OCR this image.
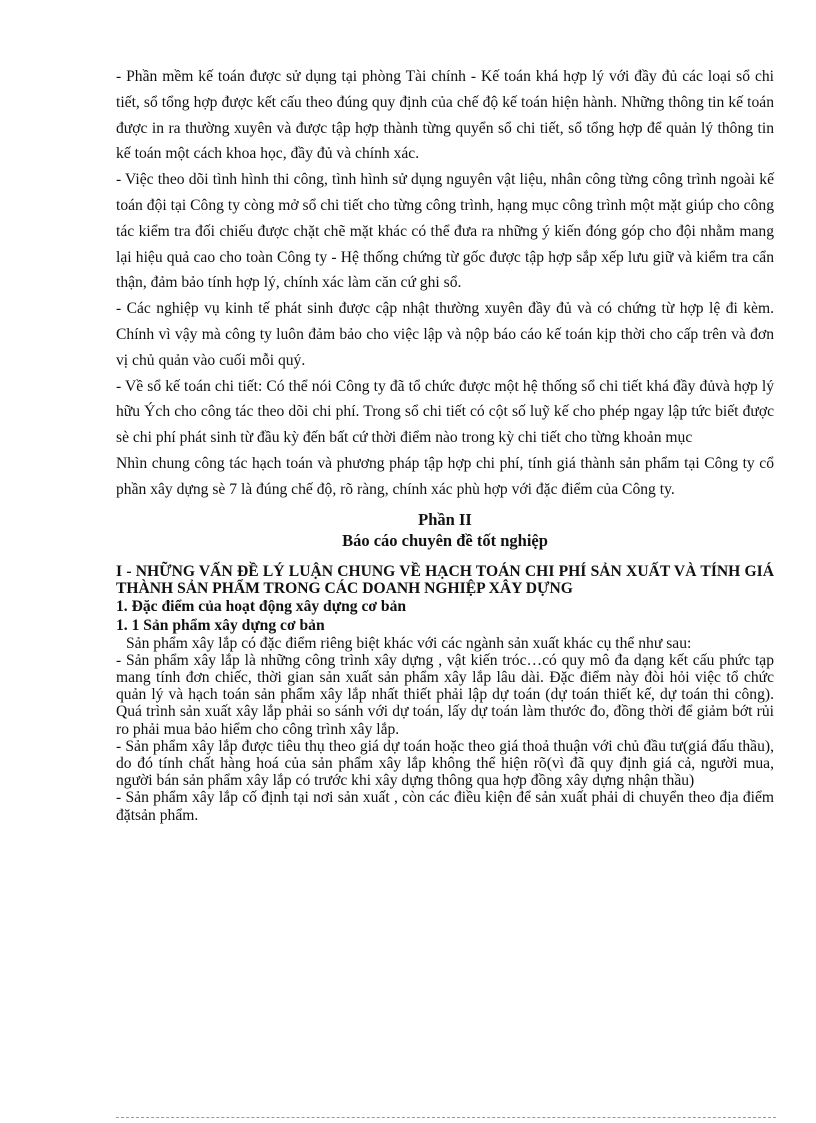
- Phần mềm kế toán được sử dụng tại phòng Tài chính - Kế toán khá hợp lý với đầy đủ các loại sổ chi tiết, sổ tổng hợp được kết cấu theo đúng quy định của chế độ kế toán hiện hành. Những thông tin kế toán được in ra thường xuyên và được tập hợp thành từng quyển sổ chi tiết, sổ tổng hợp để quản lý thông tin kế toán một cách khoa học, đầy đủ và chính xác.

- Việc theo dõi tình hình thi công, tình hình sử dụng nguyên vật liệu, nhân công từng công trình ngoài kế toán đội tại Công ty còng mở sổ chi tiết cho từng công trình, hạng mục công trình một mặt giúp cho công tác kiểm tra đối chiếu được chặt chẽ mặt khác có thể đưa ra những ý kiến đóng góp cho đội nhằm mang lại hiệu quả cao cho toàn Công ty - Hệ thống chứng từ gốc được tập hợp sắp xếp lưu giữ và kiểm tra cẩn thận, đảm bảo tính hợp lý, chính xác làm căn cứ ghi sổ.

- Các nghiệp vụ kinh tế phát sinh được cập nhật thường xuyên đầy đủ và có chứng từ hợp lệ đi kèm. Chính vì vậy mà công ty luôn đảm bảo cho việc lập và nộp báo cáo kế toán kịp thời cho cấp trên và đơn vị chủ quản vào cuối mỗi quý.

- Về sổ kế toán chi tiết: Có thể nói Công ty đã tổ chức được một hệ thống sổ chi tiết khá đầy đủvà hợp lý hữu Ých cho công tác theo dõi chi phí. Trong sổ chi tiết có cột số luỹ kế cho phép ngay lập tức biết được sè chi phí phát sinh từ đầu kỳ đến bất cứ thời điểm nào trong kỳ chi tiết cho từng khoản mục

Nhìn chung công tác hạch toán và phương pháp tập hợp chi phí, tính giá thành sản phẩm tại Công ty cổ phần xây dựng sè 7 là đúng chế độ, rõ ràng, chính xác phù hợp với đặc điểm của Công ty.

Phần II

Báo cáo chuyên đề tốt nghiệp

I - NHỮNG VẤN ĐỀ LÝ LUẬN CHUNG VỀ HẠCH TOÁN CHI PHÍ SẢN XUẤT VÀ TÍNH GIÁ THÀNH SẢN PHẨM TRONG CÁC DOANH NGHIỆP XÂY DỰNG

1. Đặc điểm của hoạt động xây dựng cơ bản

1. 1 Sản phẩm xây dựng cơ bản

Sản phẩm xây lắp có đặc điểm riêng biệt khác với các ngành sản xuất khác cụ thể như sau:

- Sản phẩm xây lắp là những công trình xây dựng , vật kiến tróc…có quy mô đa dạng kết cấu phức tạp mang tính đơn chiếc, thời gian sản xuất sản phẩm xây lắp lâu dài. Đặc điểm này đòi hỏi việc tổ chức quản lý và hạch toán sản phẩm xây lắp nhất thiết phải lập dự toán (dự toán thiết kế, dự toán thi công). Quá trình sản xuất xây lắp phải so sánh với dự toán, lấy dự toán làm thước đo, đồng thời để giảm bớt rủi ro phải mua bảo hiểm cho công trình xây lắp.

- Sản phẩm xây lắp được tiêu thụ theo giá dự toán hoặc theo giá thoả thuận với chủ đầu tư(giá đấu thầu), do đó tính chất hàng hoá của sản phẩm xây lắp không thể hiện rõ(vì đã quy định giá cả, người mua, người bán sản phẩm xây lắp có trước khi xây dựng thông qua hợp đồng xây dựng nhận thầu)

- Sản phẩm xây lắp cố định tại nơi sản xuất , còn các điều kiện để sản xuất phải di chuyển theo địa điểm đặtsản phẩm.
